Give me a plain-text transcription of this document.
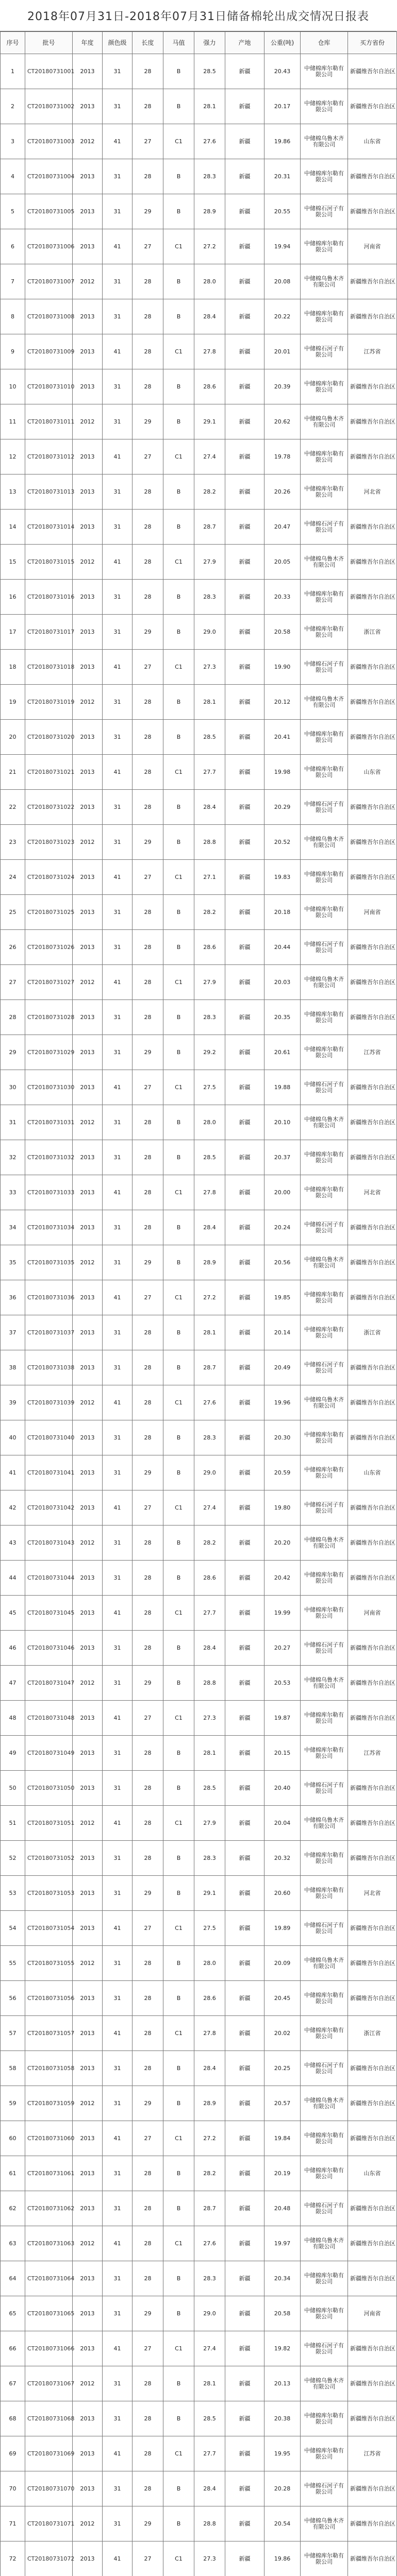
2018年07月31日-2018年07月31日储备棉轮出成交情况日报表
序号	批号	年度	颜色级	长度	马值	强力	产地	公重(吨)	仓库	买方省份
1	CT20180731001	2013	31	28	B	28.5	新疆	20.43	中储棉库尔勒有限公司	新疆维吾尔自治区
2	CT20180731002	2013	31	28	B	28.1	新疆	20.17	中储棉库尔勒有限公司	新疆维吾尔自治区
3	CT20180731003	2012	41	27	C1	27.6	新疆	19.86	中储棉乌鲁木齐有限公司	山东省
4	CT20180731004	2013	31	28	B	28.3	新疆	20.31	中储棉库尔勒有限公司	新疆维吾尔自治区
5	CT20180731005	2013	31	29	B	28.9	新疆	20.55	中储棉石河子有限公司	新疆维吾尔自治区
6	CT20180731006	2013	41	27	C1	27.2	新疆	19.94	中储棉库尔勒有限公司	河南省
7	CT20180731007	2012	31	28	B	28.0	新疆	20.08	中储棉乌鲁木齐有限公司	新疆维吾尔自治区
8	CT20180731008	2013	31	28	B	28.4	新疆	20.22	中储棉库尔勒有限公司	新疆维吾尔自治区
9	CT20180731009	2013	41	28	C1	27.8	新疆	20.01	中储棉石河子有限公司	江苏省
10	CT20180731010	2013	31	28	B	28.6	新疆	20.39	中储棉库尔勒有限公司	新疆维吾尔自治区
11	CT20180731011	2012	31	29	B	29.1	新疆	20.62	中储棉乌鲁木齐有限公司	新疆维吾尔自治区
12	CT20180731012	2013	41	27	C1	27.4	新疆	19.78	中储棉库尔勒有限公司	新疆维吾尔自治区
13	CT20180731013	2013	31	28	B	28.2	新疆	20.26	中储棉库尔勒有限公司	河北省
14	CT20180731014	2013	31	28	B	28.7	新疆	20.47	中储棉石河子有限公司	新疆维吾尔自治区
15	CT20180731015	2012	41	28	C1	27.9	新疆	20.05	中储棉乌鲁木齐有限公司	新疆维吾尔自治区
16	CT20180731016	2013	31	28	B	28.3	新疆	20.33	中储棉库尔勒有限公司	新疆维吾尔自治区
17	CT20180731017	2013	31	29	B	29.0	新疆	20.58	中储棉库尔勒有限公司	浙江省
18	CT20180731018	2013	41	27	C1	27.3	新疆	19.90	中储棉石河子有限公司	新疆维吾尔自治区
19	CT20180731019	2012	31	28	B	28.1	新疆	20.12	中储棉乌鲁木齐有限公司	新疆维吾尔自治区
20	CT20180731020	2013	31	28	B	28.5	新疆	20.41	中储棉库尔勒有限公司	新疆维吾尔自治区
21	CT20180731021	2013	41	28	C1	27.7	新疆	19.98	中储棉库尔勒有限公司	山东省
22	CT20180731022	2013	31	28	B	28.4	新疆	20.29	中储棉石河子有限公司	新疆维吾尔自治区
23	CT20180731023	2012	31	29	B	28.8	新疆	20.52	中储棉乌鲁木齐有限公司	新疆维吾尔自治区
24	CT20180731024	2013	41	27	C1	27.1	新疆	19.83	中储棉库尔勒有限公司	新疆维吾尔自治区
25	CT20180731025	2013	31	28	B	28.2	新疆	20.18	中储棉库尔勒有限公司	河南省
26	CT20180731026	2013	31	28	B	28.6	新疆	20.44	中储棉石河子有限公司	新疆维吾尔自治区
27	CT20180731027	2012	41	28	C1	27.9	新疆	20.03	中储棉乌鲁木齐有限公司	新疆维吾尔自治区
28	CT20180731028	2013	31	28	B	28.3	新疆	20.35	中储棉库尔勒有限公司	新疆维吾尔自治区
29	CT20180731029	2013	31	29	B	29.2	新疆	20.61	中储棉库尔勒有限公司	江苏省
30	CT20180731030	2013	41	27	C1	27.5	新疆	19.88	中储棉石河子有限公司	新疆维吾尔自治区
31	CT20180731031	2012	31	28	B	28.0	新疆	20.10	中储棉乌鲁木齐有限公司	新疆维吾尔自治区
32	CT20180731032	2013	31	28	B	28.5	新疆	20.37	中储棉库尔勒有限公司	新疆维吾尔自治区
33	CT20180731033	2013	41	28	C1	27.8	新疆	20.00	中储棉库尔勒有限公司	河北省
34	CT20180731034	2013	31	28	B	28.4	新疆	20.24	中储棉石河子有限公司	新疆维吾尔自治区
35	CT20180731035	2012	31	29	B	28.9	新疆	20.56	中储棉乌鲁木齐有限公司	新疆维吾尔自治区
36	CT20180731036	2013	41	27	C1	27.2	新疆	19.85	中储棉库尔勒有限公司	新疆维吾尔自治区
37	CT20180731037	2013	31	28	B	28.1	新疆	20.14	中储棉库尔勒有限公司	浙江省
38	CT20180731038	2013	31	28	B	28.7	新疆	20.49	中储棉石河子有限公司	新疆维吾尔自治区
39	CT20180731039	2012	41	28	C1	27.6	新疆	19.96	中储棉乌鲁木齐有限公司	新疆维吾尔自治区
40	CT20180731040	2013	31	28	B	28.3	新疆	20.30	中储棉库尔勒有限公司	新疆维吾尔自治区
41	CT20180731041	2013	31	29	B	29.0	新疆	20.59	中储棉库尔勒有限公司	山东省
42	CT20180731042	2013	41	27	C1	27.4	新疆	19.80	中储棉石河子有限公司	新疆维吾尔自治区
43	CT20180731043	2012	31	28	B	28.2	新疆	20.20	中储棉乌鲁木齐有限公司	新疆维吾尔自治区
44	CT20180731044	2013	31	28	B	28.6	新疆	20.42	中储棉库尔勒有限公司	新疆维吾尔自治区
45	CT20180731045	2013	41	28	C1	27.7	新疆	19.99	中储棉库尔勒有限公司	河南省
46	CT20180731046	2013	31	28	B	28.4	新疆	20.27	中储棉石河子有限公司	新疆维吾尔自治区
47	CT20180731047	2012	31	29	B	28.8	新疆	20.53	中储棉乌鲁木齐有限公司	新疆维吾尔自治区
48	CT20180731048	2013	41	27	C1	27.3	新疆	19.87	中储棉库尔勒有限公司	新疆维吾尔自治区
49	CT20180731049	2013	31	28	B	28.1	新疆	20.15	中储棉库尔勒有限公司	江苏省
50	CT20180731050	2013	31	28	B	28.5	新疆	20.40	中储棉石河子有限公司	新疆维吾尔自治区
51	CT20180731051	2012	41	28	C1	27.9	新疆	20.04	中储棉乌鲁木齐有限公司	新疆维吾尔自治区
52	CT20180731052	2013	31	28	B	28.3	新疆	20.32	中储棉库尔勒有限公司	新疆维吾尔自治区
53	CT20180731053	2013	31	29	B	29.1	新疆	20.60	中储棉库尔勒有限公司	河北省
54	CT20180731054	2013	41	27	C1	27.5	新疆	19.89	中储棉石河子有限公司	新疆维吾尔自治区
55	CT20180731055	2012	31	28	B	28.0	新疆	20.09	中储棉乌鲁木齐有限公司	新疆维吾尔自治区
56	CT20180731056	2013	31	28	B	28.6	新疆	20.45	中储棉库尔勒有限公司	新疆维吾尔自治区
57	CT20180731057	2013	41	28	C1	27.8	新疆	20.02	中储棉库尔勒有限公司	浙江省
58	CT20180731058	2013	31	28	B	28.4	新疆	20.25	中储棉石河子有限公司	新疆维吾尔自治区
59	CT20180731059	2012	31	29	B	28.9	新疆	20.57	中储棉乌鲁木齐有限公司	新疆维吾尔自治区
60	CT20180731060	2013	41	27	C1	27.2	新疆	19.84	中储棉库尔勒有限公司	新疆维吾尔自治区
61	CT20180731061	2013	31	28	B	28.2	新疆	20.19	中储棉库尔勒有限公司	山东省
62	CT20180731062	2013	31	28	B	28.7	新疆	20.48	中储棉石河子有限公司	新疆维吾尔自治区
63	CT20180731063	2012	41	28	C1	27.6	新疆	19.97	中储棉乌鲁木齐有限公司	新疆维吾尔自治区
64	CT20180731064	2013	31	28	B	28.3	新疆	20.34	中储棉库尔勒有限公司	新疆维吾尔自治区
65	CT20180731065	2013	31	29	B	29.0	新疆	20.58	中储棉库尔勒有限公司	河南省
66	CT20180731066	2013	41	27	C1	27.4	新疆	19.82	中储棉石河子有限公司	新疆维吾尔自治区
67	CT20180731067	2012	31	28	B	28.1	新疆	20.13	中储棉乌鲁木齐有限公司	新疆维吾尔自治区
68	CT20180731068	2013	31	28	B	28.5	新疆	20.38	中储棉库尔勒有限公司	新疆维吾尔自治区
69	CT20180731069	2013	41	28	C1	27.7	新疆	19.95	中储棉库尔勒有限公司	江苏省
70	CT20180731070	2013	31	28	B	28.4	新疆	20.28	中储棉石河子有限公司	新疆维吾尔自治区
71	CT20180731071	2012	31	29	B	28.8	新疆	20.54	中储棉乌鲁木齐有限公司	新疆维吾尔自治区
72	CT20180731072	2013	41	27	C1	27.3	新疆	19.86	中储棉库尔勒有限公司	新疆维吾尔自治区
